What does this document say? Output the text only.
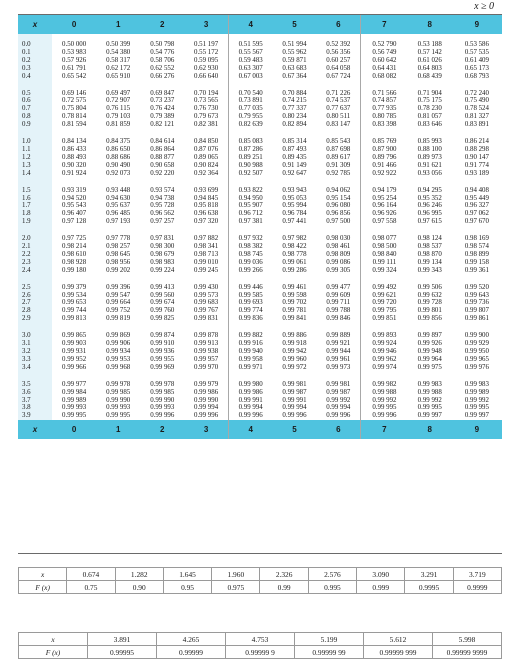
x ≥ 0
x	0	1	2	3	4	5	6	7	8	9
0.0	0.50 000	0.50 399	0.50 798	0.51 197	0.51 595	0.51 994	0.52 392	0.52 790	0.53 188	0.53 586
0.1	0.53 983	0.54 380	0.54 776	0.55 172	0.55 567	0.55 962	0.56 356	0.56 749	0.57 142	0.57 535
0.2	0.57 926	0.58 317	0.58 706	0.59 095	0.59 483	0.59 871	0.60 257	0.60 642	0.61 026	0.61 409
0.3	0.61 791	0.62 172	0.62 552	0.62 930	0.63 307	0.63 683	0.64 058	0.64 431	0.64 803	0.65 173
0.4	0.65 542	0.65 910	0.66 276	0.66 640	0.67 003	0.67 364	0.67 724	0.68 082	0.68 439	0.68 793

0.5	0.69 146	0.69 497	0.69 847	0.70 194	0.70 540	0.70 884	0.71 226	0.71 566	0.71 904	0.72 240
0.6	0.72 575	0.72 907	0.73 237	0.73 565	0.73 891	0.74 215	0.74 537	0.74 857	0.75 175	0.75 490
0.7	0.75 804	0.76 115	0.76 424	0.76 730	0.77 035	0.77 337	0.77 637	0.77 935	0.78 230	0.78 524
0.8	0.78 814	0.79 103	0.79 389	0.79 673	0.79 955	0.80 234	0.80 511	0.80 785	0.81 057	0.81 327
0.9	0.81 594	0.81 859	0.82 121	0.82 381	0.82 639	0.82 894	0.83 147	0.83 398	0.83 646	0.83 891

1.0	0.84 134	0.84 375	0.84 614	0.84 850	0.85 083	0.85 314	0.85 543	0.85 769	0.85 993	0.86 214
1.1	0.86 433	0.86 650	0.86 864	0.87 076	0.87 286	0.87 493	0.87 698	0.87 900	0.88 100	0.88 298
1.2	0.88 493	0.88 686	0.88 877	0.89 065	0.89 251	0.89 435	0.89 617	0.89 796	0.89 973	0.90 147
1.3	0.90 320	0.90 490	0.90 658	0.90 824	0.90 988	0.91 149	0.91 309	0.91 466	0.91 621	0.91 774
1.4	0.91 924	0.92 073	0.92 220	0.92 364	0.92 507	0.92 647	0.92 785	0.92 922	0.93 056	0.93 189

1.5	0.93 319	0.93 448	0.93 574	0.93 699	0.93 822	0.93 943	0.94 062	0.94 179	0.94 295	0.94 408
1.6	0.94 520	0.94 630	0.94 738	0.94 845	0.94 950	0.95 053	0.95 154	0.95 254	0.95 352	0.95 449
1.7	0.95 543	0.95 637	0.95 728	0.95 818	0.95 907	0.95 994	0.96 080	0.96 164	0.96 246	0.96 327
1.8	0.96 407	0.96 485	0.96 562	0.96 638	0.96 712	0.96 784	0.96 856	0.96 926	0.96 995	0.97 062
1.9	0.97 128	0.97 193	0.97 257	0.97 320	0.97 381	0.97 441	0.97 500	0.97 558	0.97 615	0.97 670

2.0	0.97 725	0.97 778	0.97 831	0.97 882	0.97 932	0.97 982	0.98 030	0.98 077	0.98 124	0.98 169
2.1	0.98 214	0.98 257	0.98 300	0.98 341	0.98 382	0.98 422	0.98 461	0.98 500	0.98 537	0.98 574
2.2	0.98 610	0.98 645	0.98 679	0.98 713	0.98 745	0.98 778	0.98 809	0.98 840	0.98 870	0.98 899
2.3	0.98 928	0.98 956	0.98 983	0.99 010	0.99 036	0.99 061	0.99 086	0.99 111	0.99 134	0.99 158
2.4	0.99 180	0.99 202	0.99 224	0.99 245	0.99 266	0.99 286	0.99 305	0.99 324	0.99 343	0.99 361

2.5	0.99 379	0.99 396	0.99 413	0.99 430	0.99 446	0.99 461	0.99 477	0.99 492	0.99 506	0.99 520
2.6	0.99 534	0.99 547	0.99 560	0.99 573	0.99 585	0.99 598	0.99 609	0.99 621	0.99 632	0.99 643
2.7	0.99 653	0.99 664	0.99 674	0.99 683	0.99 693	0.99 702	0.99 711	0.99 720	0.99 728	0.99 736
2.8	0.99 744	0.99 752	0.99 760	0.99 767	0.99 774	0.99 781	0.99 788	0.99 795	0.99 801	0.99 807
2.9	0.99 813	0.99 819	0.99 825	0.99 831	0.99 836	0.99 841	0.99 846	0.99 851	0.99 856	0.99 861

3.0	0.99 865	0.99 869	0.99 874	0.99 878	0.99 882	0.99 886	0.99 889	0.99 893	0.99 897	0.99 900
3.1	0.99 903	0.99 906	0.99 910	0.99 913	0.99 916	0.99 918	0.99 921	0.99 924	0.99 926	0.99 929
3.2	0.99 931	0.99 934	0.99 936	0.99 938	0.99 940	0.99 942	0.99 944	0.99 946	0.99 948	0.99 950
3.3	0.99 952	0.99 953	0.99 955	0.99 957	0.99 958	0.99 960	0.99 961	0.99 962	0.99 964	0.99 965
3.4	0.99 966	0.99 968	0.99 969	0.99 970	0.99 971	0.99 972	0.99 973	0.99 974	0.99 975	0.99 976

3.5	0.99 977	0.99 978	0.99 978	0.99 979	0.99 980	0.99 981	0.99 981	0.99 982	0.99 983	0.99 983
3.6	0.99 984	0.99 985	0.99 985	0.99 986	0.99 986	0.99 987	0.99 987	0.99 988	0.99 988	0.99 989
3.7	0.99 989	0.99 990	0.99 990	0.99 990	0.99 991	0.99 991	0.99 992	0.99 992	0.99 992	0.99 992
3.8	0.99 993	0.99 993	0.99 993	0.99 994	0.99 994	0.99 994	0.99 994	0.99 995	0.99 995	0.99 995
3.9	0.99 995	0.99 995	0.99 996	0.99 996	0.99 996	0.99 996	0.99 996	0.99 996	0.99 997	0.99 997
x	0	1	2	3	4	5	6	7	8	9
x	0.674	1.282	1.645	1.960	2.326	2.576	3.090	3.291	3.719
F (x)	0.75	0.90	0.95	0.975	0.99	0.995	0.999	0.9995	0.9999
x	3.891	4.265	4.753	5.199	5.612	5.998
F (x)	0.99995	0.99999	0.99999 9	0.99999 99	0.99999 999	0.99999 9999
